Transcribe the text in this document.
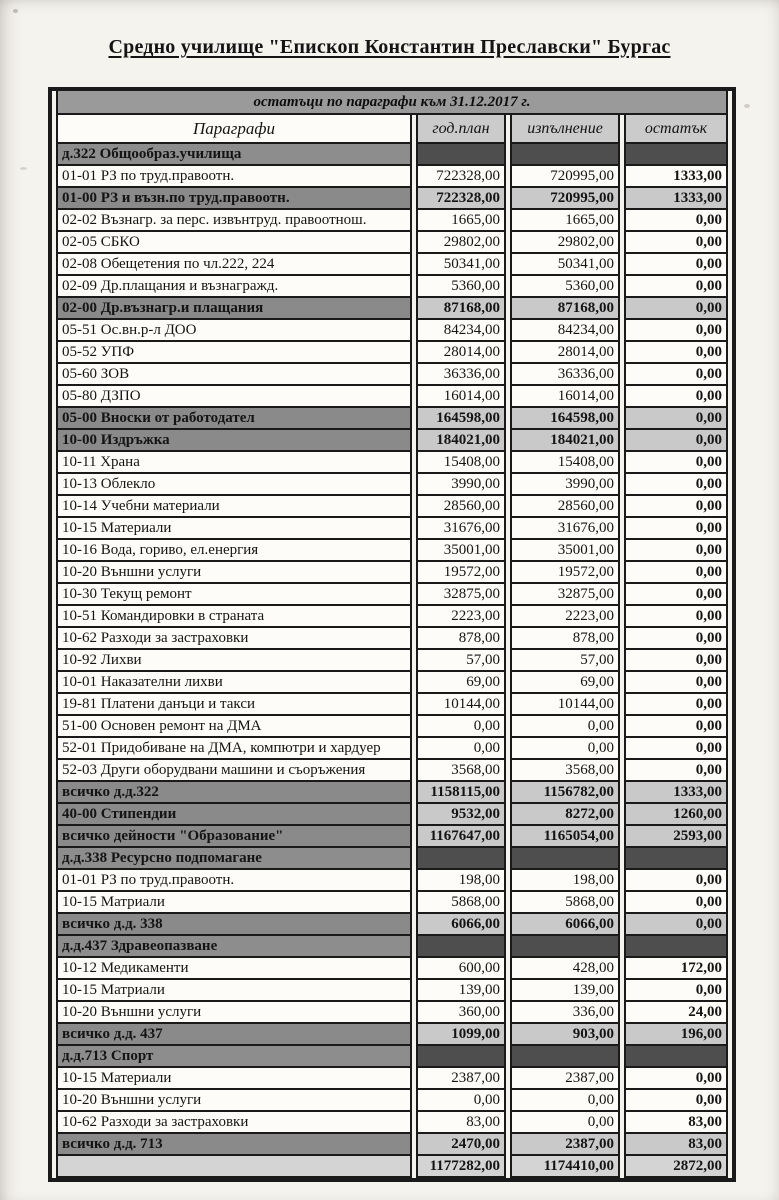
Средно училище "Епископ Константин Преславски" Бургас
остатъци по параграфи към 31.12.2017 г.			
Параграфи	год.план	изпълнение	остатък
д.322 Общообраз.училища			
01-01 РЗ по труд.правоотн.	722328,00	720995,00	1333,00
01-00 РЗ и възн.по труд.правоотн.	722328,00	720995,00	1333,00
02-02 Възнагр. за перс. извънтруд. правоотнош.	1665,00	1665,00	0,00
02-05 СБКО	29802,00	29802,00	0,00
02-08 Обещетения по чл.222, 224	50341,00	50341,00	0,00
02-09 Др.плащания и възнагражд.	5360,00	5360,00	0,00
02-00 Др.възнагр.и плащания	87168,00	87168,00	0,00
05-51 Ос.вн.р-л ДОО	84234,00	84234,00	0,00
05-52 УПФ	28014,00	28014,00	0,00
05-60 ЗОВ	36336,00	36336,00	0,00
05-80 ДЗПО	16014,00	16014,00	0,00
05-00 Вноски от работодател	164598,00	164598,00	0,00
10-00 Издръжка	184021,00	184021,00	0,00
10-11 Храна	15408,00	15408,00	0,00
10-13 Облекло	3990,00	3990,00	0,00
10-14 Учебни материали	28560,00	28560,00	0,00
10-15 Материали	31676,00	31676,00	0,00
10-16 Вода, гориво, ел.енергия	35001,00	35001,00	0,00
10-20 Външни услуги	19572,00	19572,00	0,00
10-30 Текущ ремонт	32875,00	32875,00	0,00
10-51 Командировки в страната	2223,00	2223,00	0,00
10-62 Разходи за застраховки	878,00	878,00	0,00
10-92 Лихви	57,00	57,00	0,00
10-01 Наказателни лихви	69,00	69,00	0,00
19-81 Платени данъци и такси	10144,00	10144,00	0,00
51-00 Основен ремонт на ДМА	0,00	0,00	0,00
52-01 Придобиване на ДМА, компютри и хардуер	0,00	0,00	0,00
52-03 Други оборудвани машини и съоръжения	3568,00	3568,00	0,00
всичко д.д.322	1158115,00	1156782,00	1333,00
40-00 Стипендии	9532,00	8272,00	1260,00
всичко дейности "Образование"	1167647,00	1165054,00	2593,00
д.д.338 Ресурсно подпомагане			
01-01 РЗ по труд.правоотн.	198,00	198,00	0,00
10-15 Матриали	5868,00	5868,00	0,00
всичко д.д. 338	6066,00	6066,00	0,00
д.д.437 Здравеопазване			
10-12 Медикаменти	600,00	428,00	172,00
10-15 Матриали	139,00	139,00	0,00
10-20 Външни услуги	360,00	336,00	24,00
всичко д.д. 437	1099,00	903,00	196,00
д.д.713 Спорт			
10-15 Материали	2387,00	2387,00	0,00
10-20 Външни услуги	0,00	0,00	0,00
10-62 Разходи за застраховки	83,00	0,00	83,00
всичко д.д. 713	2470,00	2387,00	83,00
	1177282,00	1174410,00	2872,00
